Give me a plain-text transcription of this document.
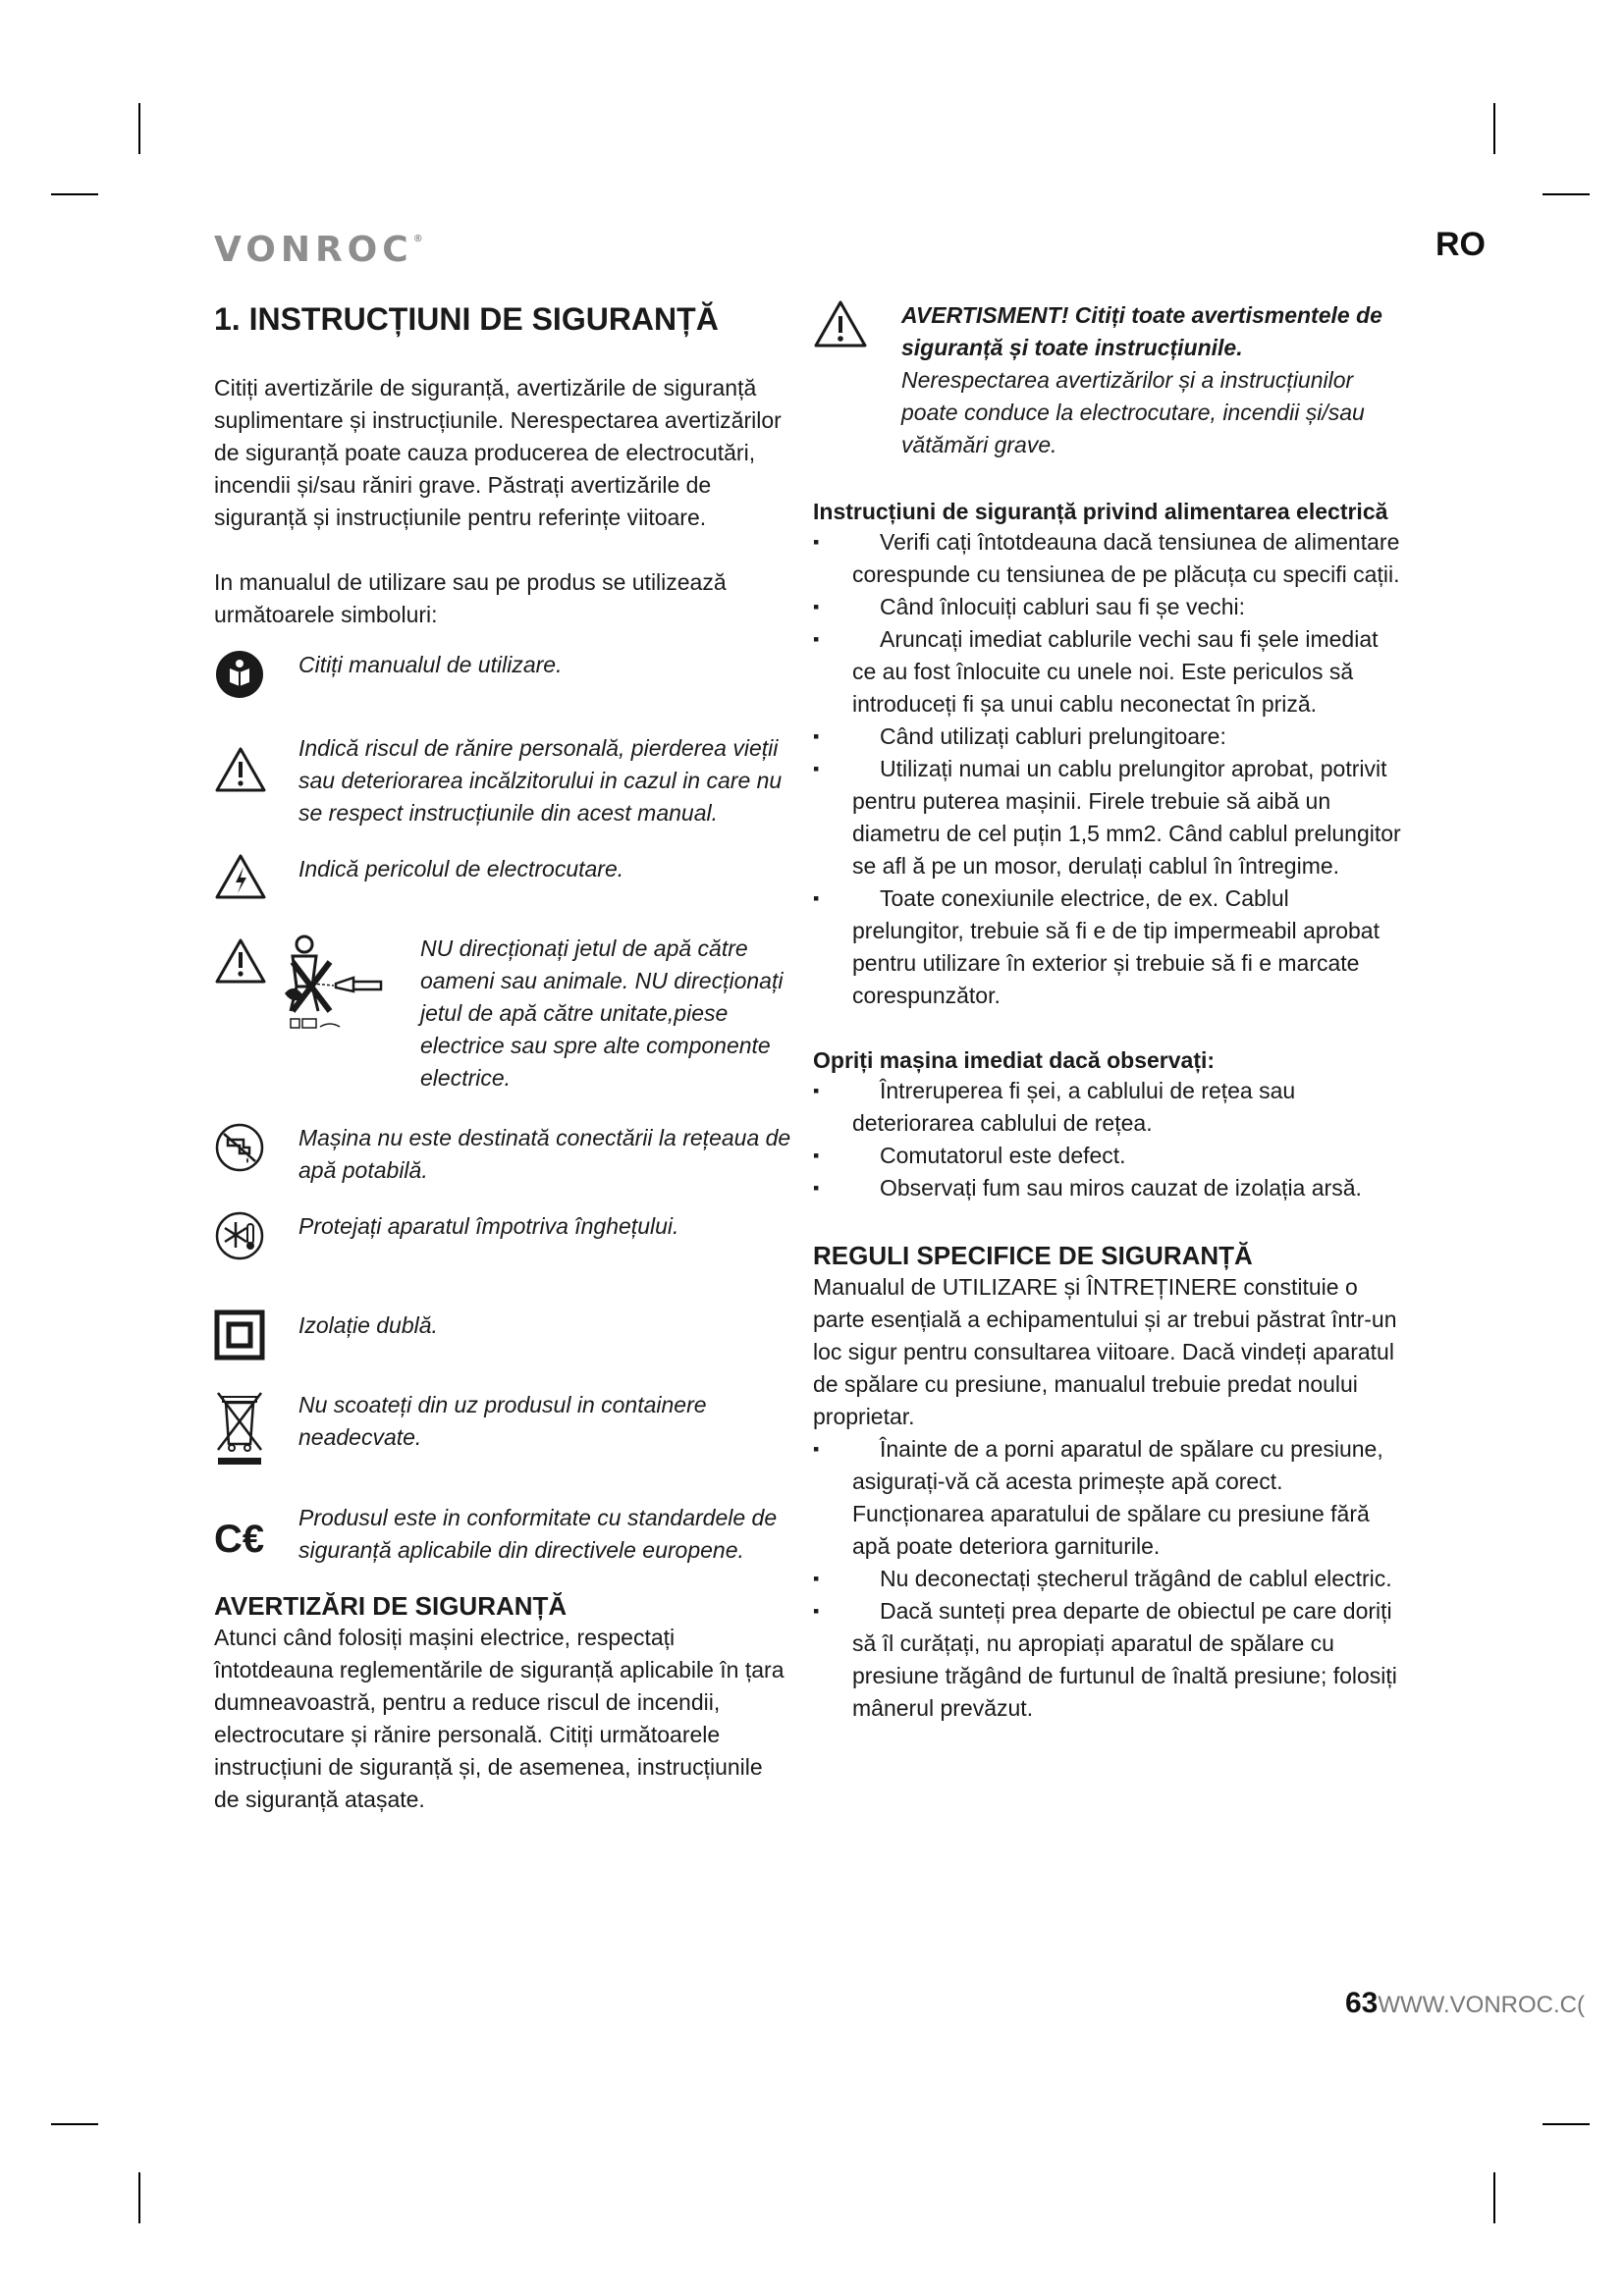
VONROC®	RO
1. INSTRUCȚIUNI DE SIGURANȚĂ

Citiți avertizările de siguranță, avertizările de siguranță suplimentare și instrucțiunile. Nerespectarea avertizărilor de siguranță poate cauza producerea de electrocutări, incendii și/sau răniri grave. Păstrați avertizările de siguranță și instrucțiunile pentru referințe viitoare.

In manualul de utilizare sau pe produs se utilizează următoarele simboluri:

Citiți manualul de utilizare.
Indică riscul de rănire personală, pierderea vieții sau deteriorarea incălzitorului in cazul in care nu se respect instrucțiunile din acest manual.
Indică pericolul de electrocutare.
NU direcționați jetul de apă către oameni sau animale. NU direcționați jetul de apă către unitate,piese electrice sau spre alte componente electrice.
Mașina nu este destinată conectării la rețeaua de apă potabilă.
Protejați aparatul împotriva înghețului.
Izolație dublă.
Nu scoateți din uz produsul in containere neadecvate.
C€ Produsul este in conformitate cu standardele de siguranță aplicabile din directivele europene.
AVERTIZĂRI DE SIGURANȚĂ

Atunci când folosiți mașini electrice, respectați întotdeauna reglementările de siguranță aplicabile în țara dumneavoastră, pentru a reduce riscul de incendii, electrocutare și rănire personală. Citiți următoarele instrucțiuni de siguranță și, de asemenea, instrucțiunile de siguranță atașate.

AVERTISMENT! Citiți toate avertismentele de siguranță și toate instrucțiunile.
Nerespectarea avertizărilor și a instrucțiunilor poate conduce la electrocutare, incendii și/sau vătămări grave.
Instrucțiuni de siguranță privind alimentarea electrică
▪ Verifi cați întotdeauna dacă tensiunea de alimentare corespunde cu tensiunea de pe plăcuța cu specifi cații.
▪ Când înlocuiți cabluri sau fi șe vechi:
▪ Aruncați imediat cablurile vechi sau fi șele imediat ce au fost înlocuite cu unele noi. Este periculos să introduceți fi șa unui cablu neconectat în priză.
▪ Când utilizați cabluri prelungitoare:
▪ Utilizați numai un cablu prelungitor aprobat, potrivit pentru puterea mașinii. Firele trebuie să aibă un diametru de cel puțin 1,5 mm2. Când cablul prelungitor se afl ă pe un mosor, derulați cablul în întregime.
▪ Toate conexiunile electrice, de ex. Cablul prelungitor, trebuie să fi e de tip impermeabil aprobat pentru utilizare în exterior și trebuie să fi e marcate corespunzător.
Opriți mașina imediat dacă observați:
▪ Întreruperea fi șei, a cablului de rețea sau deteriorarea cablului de rețea.
▪ Comutatorul este defect.
▪ Observați fum sau miros cauzat de izolația arsă.
REGULI SPECIFICE DE SIGURANȚĂ

Manualul de UTILIZARE și ÎNTREȚINERE constituie o parte esențială a echipamentului și ar trebui păstrat într-un loc sigur pentru consultarea viitoare. Dacă vindeți aparatul de spălare cu presiune, manualul trebuie predat noului proprietar.

▪ Înainte de a porni aparatul de spălare cu presiune, asigurați-vă că acesta primește apă corect. Funcționarea aparatului de spălare cu presiune fără apă poate deteriora garniturile.
▪ Nu deconectați ștecherul trăgând de cablul electric.
▪ Dacă sunteți prea departe de obiectul pe care doriți să îl curățați, nu apropiați aparatul de spălare cu presiune trăgând de furtunul de înaltă presiune; folosiți mânerul prevăzut.
63WWW.VONROC.C(
